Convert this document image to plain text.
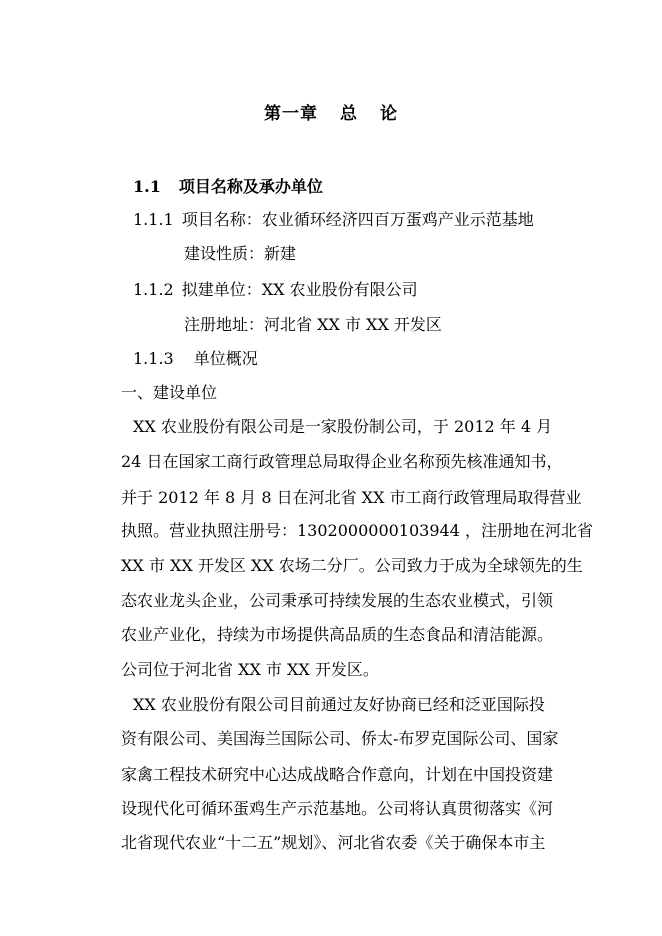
第一章 总 论
1.1 项目名称及承办单位
1.1.1 项目名称：农业循环经济四百万蛋鸡产业示范基地
建设性质：新建
1.1.2 拟建单位：XX 农业股份有限公司
注册地址：河北省 XX 市 XX 开发区
1.1.3 单位概况
一、建设单位
XX 农业股份有限公司是一家股份制公司，于 2012 年 4 月
24 日在国家工商行政管理总局取得企业名称预先核准通知书，
并于 2012 年 8 月 8 日在河北省 XX 市工商行政管理局取得营业
执照。营业执照注册号：1302000000103944 ，注册地在河北省
XX 市 XX 开发区 XX 农场二分厂。公司致力于成为全球领先的生
态农业龙头企业，公司秉承可持续发展的生态农业模式，引领
农业产业化，持续为市场提供高品质的生态食品和清洁能源。
公司位于河北省 XX 市 XX 开发区。
XX 农业股份有限公司目前通过友好协商已经和泛亚国际投
资有限公司、美国海兰国际公司、侨太-布罗克国际公司、国家
家禽工程技术研究中心达成战略合作意向，计划在中国投资建
设现代化可循环蛋鸡生产示范基地。公司将认真贯彻落实《河
北省现代农业“十二五”规划》、河北省农委《关于确保本市主
